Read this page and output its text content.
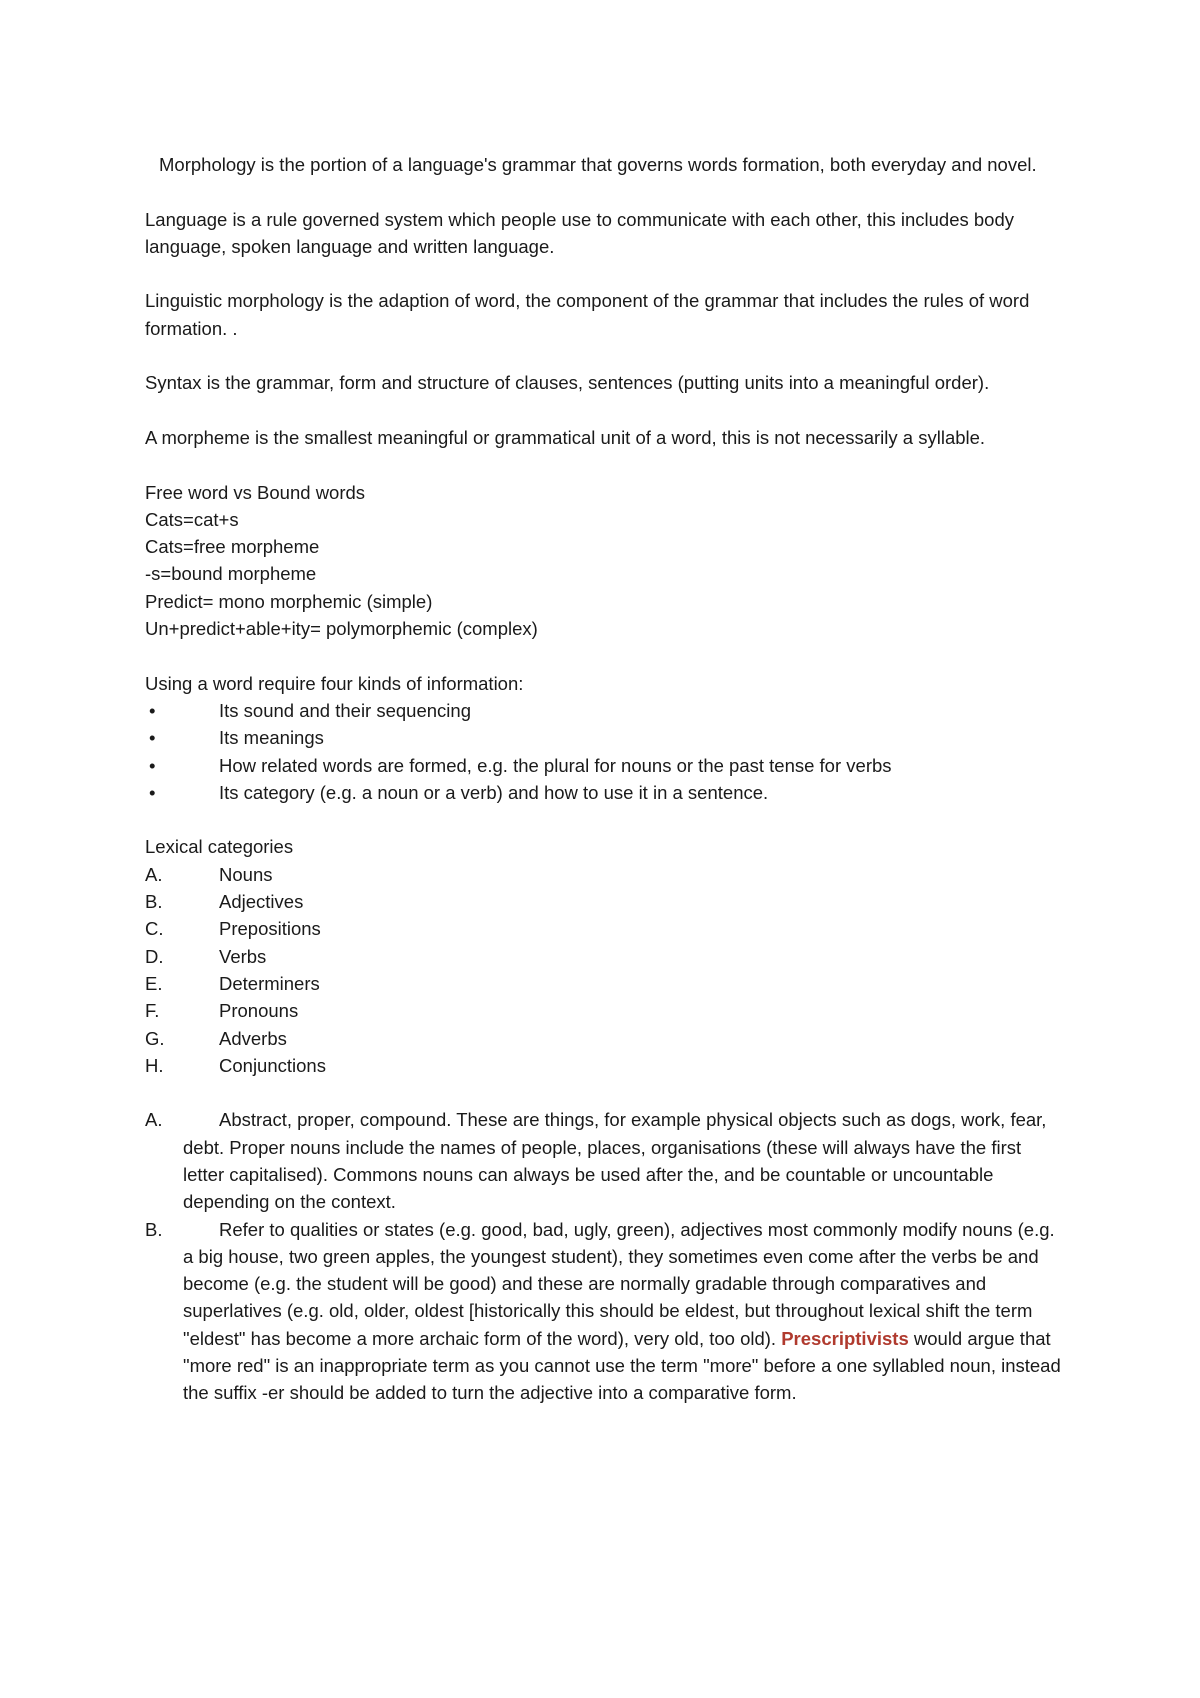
Morphology is the portion of a language's grammar that governs words formation, both everyday and novel.

Language is a rule governed system which people use to communicate with each other, this includes body language, spoken language and written language.

Linguistic morphology is the adaption of word, the component of the grammar that includes the rules of word formation. .

Syntax is the grammar, form and structure of clauses, sentences (putting units into a meaningful order).

A morpheme is the smallest meaningful or grammatical unit of a word, this is not necessarily a syllable.

Free word vs Bound words

Cats=cat+s

Cats=free morpheme

-s=bound morpheme

Predict= mono morphemic (simple)

Un+predict+able+ity= polymorphemic (complex)

Using a word require four kinds of information:

•	Its sound and their sequencing
•	Its meanings
•	How related words are formed, e.g. the plural for nouns or the past tense for verbs
•	Its category (e.g. a noun or a verb) and how to use it in a sentence.

Lexical categories

A.	Nouns
B.	Adjectives
C.	Prepositions
D.	Verbs
E.	Determiners
F.	Pronouns
G.	Adverbs
H.	Conjunctions

A.	Abstract, proper, compound. These are things, for example physical objects such as dogs, work, fear, debt. Proper nouns include the names of people, places, organisations (these will always have the first letter capitalised). Commons nouns can always be used after the, and be countable or uncountable depending on the context.

B.	Refer to qualities or states (e.g. good, bad, ugly, green), adjectives most commonly modify nouns (e.g. a big house, two green apples, the youngest student), they sometimes even come after the verbs be and become (e.g. the student will be good) and these are normally gradable through comparatives and superlatives (e.g. old, older, oldest [historically this should be eldest, but throughout lexical shift the term "eldest" has become a more archaic form of the word), very old, too old). Prescriptivists would argue that "more red" is an inappropriate term as you cannot use the term "more" before a one syllabled noun, instead the suffix -er should be added to turn the adjective into a comparative form.
